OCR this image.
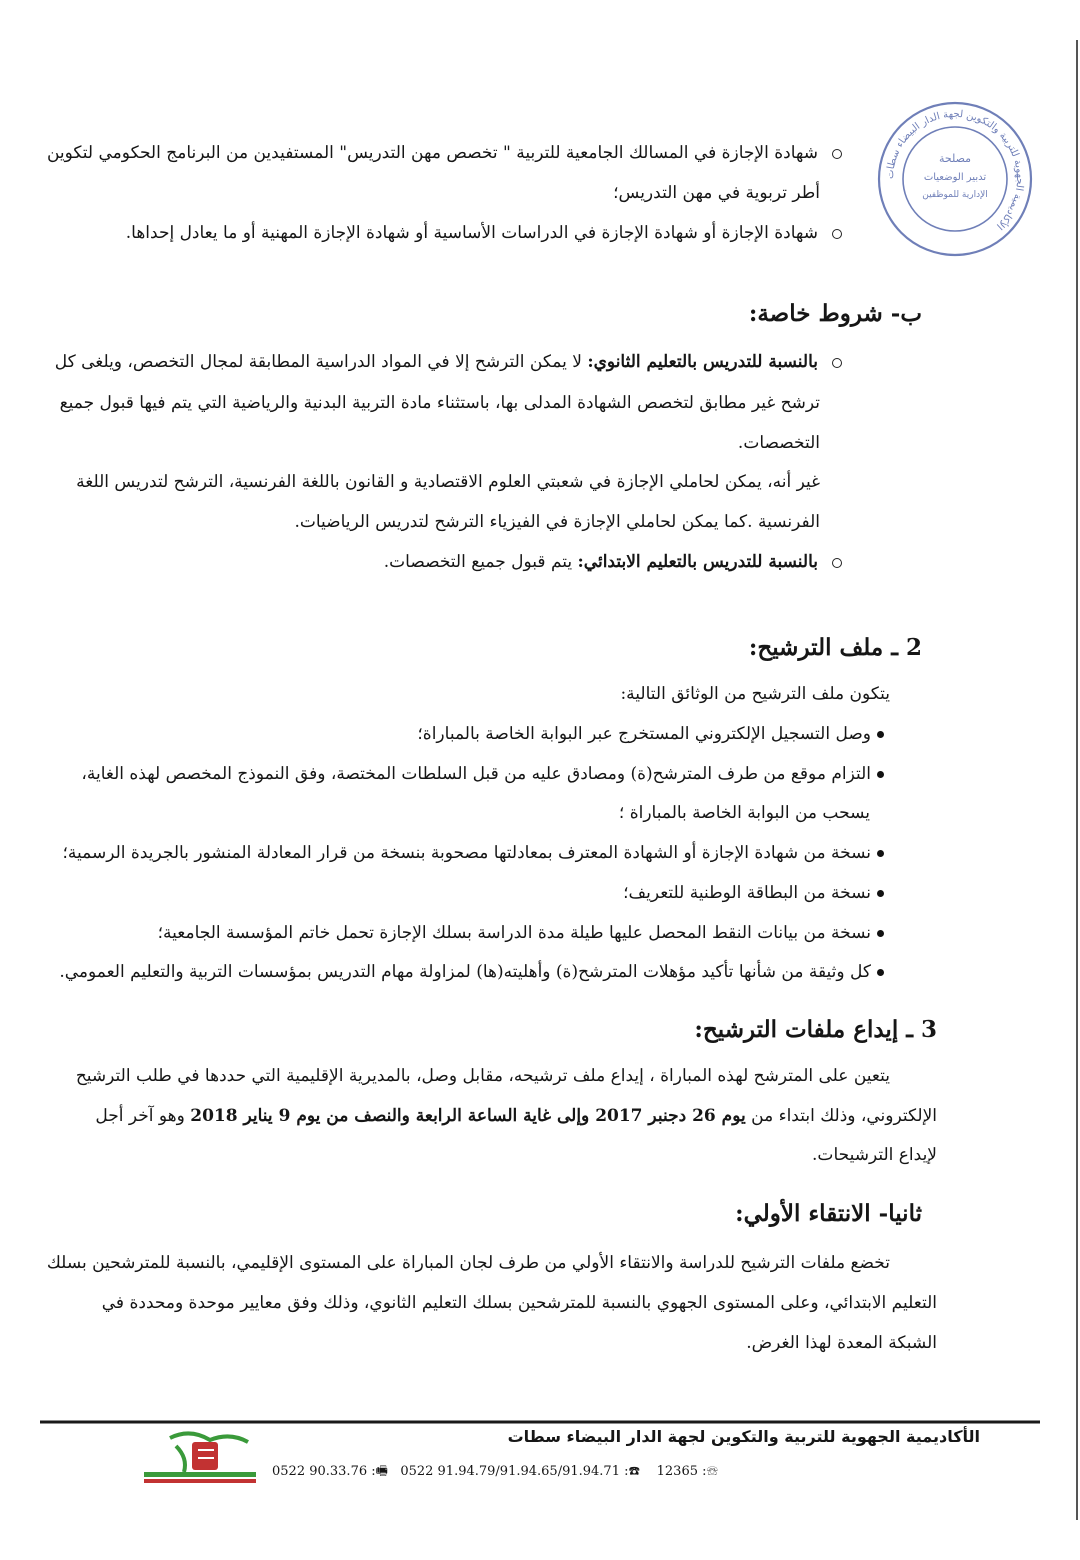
الأكاديمية الجهوية للتربية والتكوين لجهة الدار البيضاء سطات
مصلحة
تدبير الوضعيات
الإدارية للموظفين
شهادة الإجازة في المسالك الجامعية للتربية " تخصص مهن التدريس" المستفيدين من البرنامج الحكومي لتكوين
أطر تربوية في مهن التدريس؛
شهادة الإجازة أو شهادة الإجازة في الدراسات الأساسية أو شهادة الإجازة المهنية أو ما يعادل إحداها.
ب- شروط خاصة:
بالنسبة للتدريس بالتعليم الثانوي: لا يمكن الترشح إلا في المواد الدراسية المطابقة لمجال التخصص، ويلغى كل
ترشح غير مطابق لتخصص الشهادة المدلى بها، باستثناء مادة التربية البدنية والرياضية التي يتم فيها قبول جميع
التخصصات.
غير أنه، يمكن لحاملي الإجازة في شعبتي العلوم الاقتصادية و القانون باللغة الفرنسية، الترشح لتدريس اللغة
الفرنسية .كما يمكن لحاملي الإجازة في الفيزياء الترشح لتدريس الرياضيات.
بالنسبة للتدريس بالتعليم الابتدائي: يتم قبول جميع التخصصات.
2 ـ ملف الترشيح:
يتكون ملف الترشيح من الوثائق التالية:
وصل التسجيل الإلكتروني المستخرج عبر البوابة الخاصة بالمباراة؛
التزام موقع من طرف المترشح(ة) ومصادق عليه من قبل السلطات المختصة، وفق النموذج المخصص لهذه الغاية،
يسحب من البوابة الخاصة بالمباراة ؛
نسخة من شهادة الإجازة أو الشهادة المعترف بمعادلتها مصحوبة بنسخة من قرار المعادلة المنشور بالجريدة الرسمية؛
نسخة من البطاقة الوطنية للتعريف؛
نسخة من بيانات النقط المحصل عليها طيلة مدة الدراسة بسلك الإجازة تحمل خاتم المؤسسة الجامعية؛
كل وثيقة من شأنها تأكيد مؤهلات المترشح(ة) وأهليته(ها) لمزاولة مهام التدريس بمؤسسات التربية والتعليم العمومي.
3 ـ إيداع ملفات الترشيح:
يتعين على المترشح لهذه المباراة ، إيداع ملف ترشيحه، مقابل وصل، بالمديرية الإقليمية التي حددها في طلب الترشيح
الإلكتروني، وذلك ابتداء من يوم 26 دجنبر 2017 وإلى غاية الساعة الرابعة والنصف من يوم 9 يناير 2018 وهو آخر أجل
لإيداع الترشيحات.
ثانيا- الانتقاء الأولي:
تخضع ملفات الترشيح للدراسة والانتقاء الأولي من طرف لجان المباراة على المستوى الإقليمي، بالنسبة للمترشحين بسلك
التعليم الابتدائي، وعلى المستوى الجهوي بالنسبة للمترشحين بسلك التعليم الثانوي، وذلك وفق معايير موحدة ومحددة في
الشبكة المعدة لهذا الغرض.
الأكاديمية الجهوية للتربية والتكوين لجهة الدار البيضاء سطات
0522 90.33.76 :🖷 0522 91.94.79/91.94.65/91.94.71 :☎ 12365 :☏
